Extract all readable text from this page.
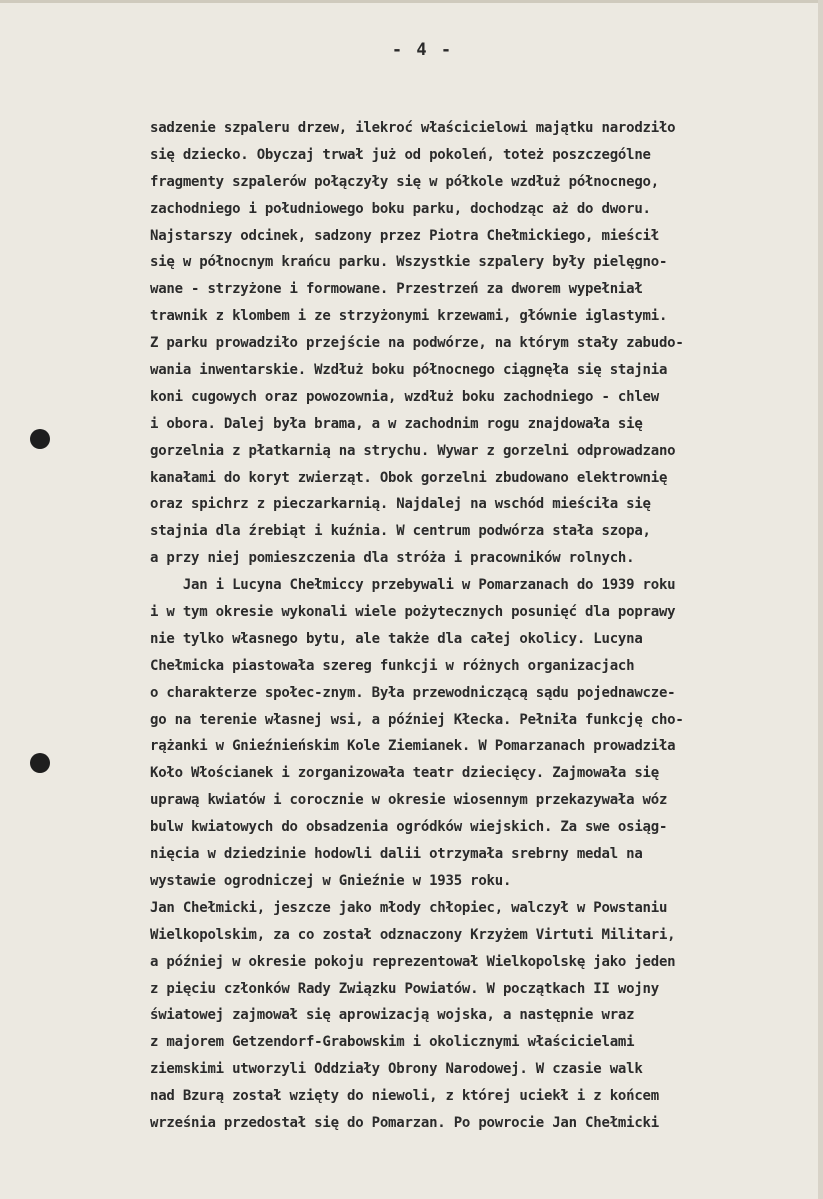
- 4 -
sadzenie szpaleru drzew, ilekroć właścicielowi majątku narodziło
się dziecko. Obyczaj trwał już od pokoleń, toteż poszczególne
fragmenty szpalerów połączyły się w półkole wzdłuż północnego,
zachodniego i południowego boku parku, dochodząc aż do dworu.
Najstarszy odcinek, sadzony przez Piotra Chełmickiego, mieścił
się w północnym krańcu parku. Wszystkie szpalery były pielęgno-
wane - strzyżone i formowane. Przestrzeń za dworem wypełniał
trawnik z klombem i ze strzyżonymi krzewami, głównie iglastymi.
Z parku prowadziło przejście na podwórze, na którym stały zabudo-
wania inwentarskie. Wzdłuż boku północnego ciągnęła się stajnia
koni cugowych oraz powozownia, wzdłuż boku zachodniego - chlew
i obora. Dalej była brama, a w zachodnim rogu znajdowała się
gorzelnia z płatkarnią na strychu. Wywar z gorzelni odprowadzano
kanałami do koryt zwierząt. Obok gorzelni zbudowano elektrownię
oraz spichrz z pieczarkarnią. Najdalej na wschód mieściła się
stajnia dla źrebiąt i kuźnia. W centrum podwórza stała szopa,
a przy niej pomieszczenia dla stróża i pracowników rolnych.
Jan i Lucyna Chełmiccy przebywali w Pomarzanach do 1939 roku
i w tym okresie wykonali wiele pożytecznych posunięć dla poprawy
nie tylko własnego bytu, ale także dla całej okolicy. Lucyna
Chełmicka piastowała szereg funkcji w różnych organizacjach
o charakterze społec-znym. Była przewodniczącą sądu pojednawcze-
go na terenie własnej wsi, a później Kłecka. Pełniła funkcję cho-
rążanki w Gnieźnieńskim Kole Ziemianek. W Pomarzanach prowadziła
Koło Włościanek i zorganizowała teatr dziecięcy. Zajmowała się
uprawą kwiatów i corocznie w okresie wiosennym przekazywała wóz
bulw kwiatowych do obsadzenia ogródków wiejskich. Za swe osiąg-
nięcia w dziedzinie hodowli dalii otrzymała srebrny medal na
wystawie ogrodniczej w Gnieźnie w 1935 roku.
Jan Chełmicki, jeszcze jako młody chłopiec, walczył w Powstaniu
Wielkopolskim, za co został odznaczony Krzyżem Virtuti Militari,
a później w okresie pokoju reprezentował Wielkopolskę jako jeden
z pięciu członków Rady Związku Powiatów. W początkach II wojny
światowej zajmował się aprowizacją wojska, a następnie wraz
z majorem Getzendorf-Grabowskim i okolicznymi właścicielami
ziemskimi utworzyli Oddziały Obrony Narodowej. W czasie walk
nad Bzurą został wzięty do niewoli, z której uciekł i z końcem
września przedostał się do Pomarzan. Po powrocie Jan Chełmicki
